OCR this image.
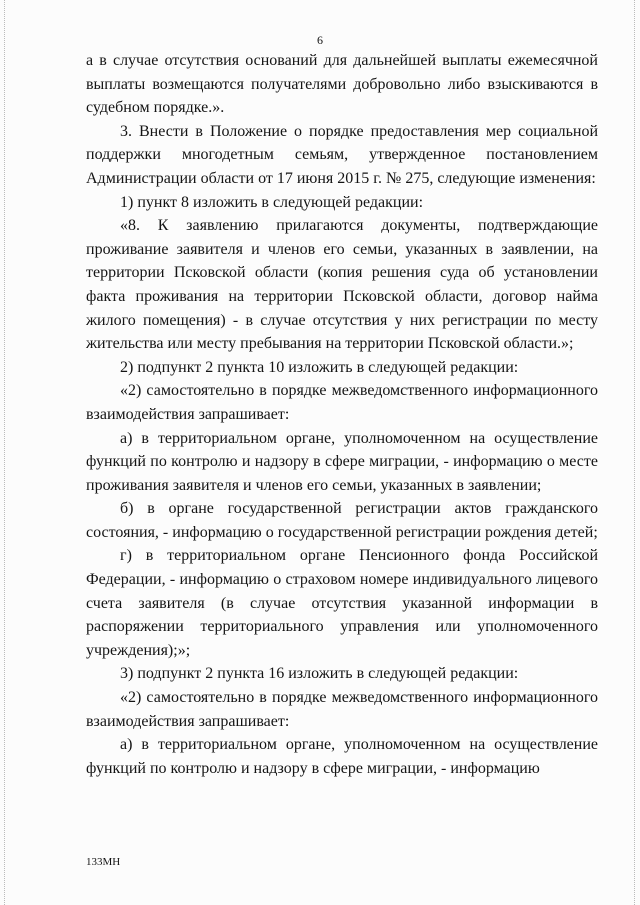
6

а в случае отсутствия оснований для дальнейшей выплаты ежемесячной выплаты возмещаются получателями добровольно либо взыскиваются в судебном порядке.».

3. Внести в Положение о порядке предоставления мер социальной поддержки многодетным семьям, утвержденное постановлением Администрации области от 17 июня 2015 г. № 275, следующие изменения:

1) пункт 8 изложить в следующей редакции:

«8. К заявлению прилагаются документы, подтверждающие проживание заявителя и членов его семьи, указанных в заявлении, на территории Псковской области (копия решения суда об установлении факта проживания на территории Псковской области, договор найма жилого помещения) - в случае отсутствия у них регистрации по месту жительства или месту пребывания на территории Псковской области.»;

2) подпункт 2 пункта 10 изложить в следующей редакции:

«2) самостоятельно в порядке межведомственного информационного взаимодействия запрашивает:

а) в территориальном органе, уполномоченном на осуществление функций по контролю и надзору в сфере миграции, - информацию о месте проживания заявителя и членов его семьи, указанных в заявлении;

б) в органе государственной регистрации актов гражданского состояния, - информацию о государственной регистрации рождения детей;

г) в территориальном органе Пенсионного фонда Российской Федерации, - информацию о страховом номере индивидуального лицевого счета заявителя (в случае отсутствия указанной информации в распоряжении территориального управления или уполномоченного учреждения);»;

3) подпункт 2 пункта 16 изложить в следующей редакции:

«2) самостоятельно в порядке межведомственного информационного взаимодействия запрашивает:

а) в территориальном органе, уполномоченном на осуществление функций по контролю и надзору в сфере миграции, - информацию

133МН
